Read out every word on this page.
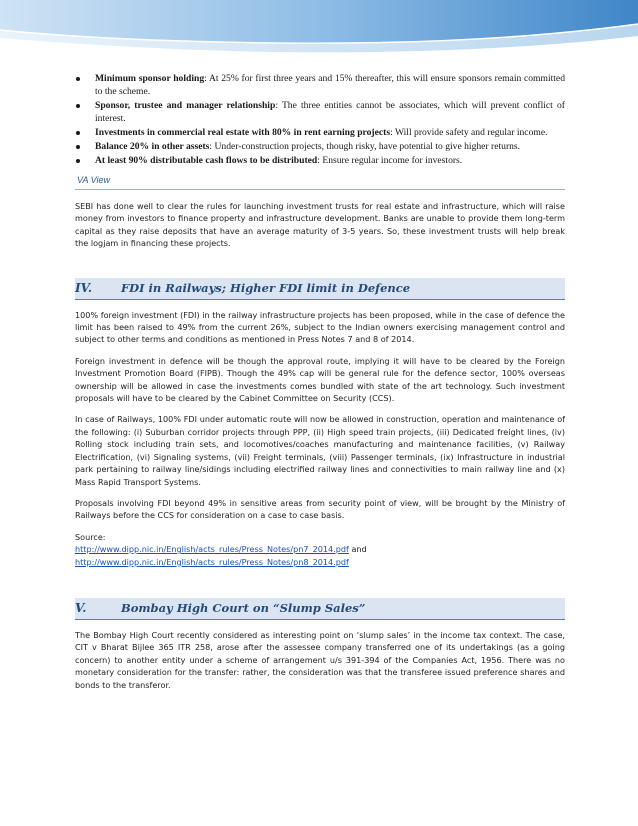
Minimum sponsor holding: At 25% for first three years and 15% thereafter, this will ensure sponsors remain committed to the scheme.
Sponsor, trustee and manager relationship: The three entities cannot be associates, which will prevent conflict of interest.
Investments in commercial real estate with 80% in rent earning projects: Will provide safety and regular income.
Balance 20% in other assets: Under-construction projects, though risky, have potential to give higher returns.
At least 90% distributable cash flows to be distributed: Ensure regular income for investors.
VA View

SEBI has done well to clear the rules for launching investment trusts for real estate and infrastructure, which will raise money from investors to finance property and infrastructure development. Banks are unable to provide them long-term capital as they raise deposits that have an average maturity of 3-5 years. So, these investment trusts will help break the logjam in financing these projects.

IV.	FDI in Railways; Higher FDI limit in Defence

100% foreign investment (FDI) in the railway infrastructure projects has been proposed, while in the case of defence the limit has been raised to 49% from the current 26%, subject to the Indian owners exercising management control and subject to other terms and conditions as mentioned in Press Notes 7 and 8 of 2014.

Foreign investment in defence will be though the approval route, implying it will have to be cleared by the Foreign Investment Promotion Board (FIPB). Though the 49% cap will be general rule for the defence sector, 100% overseas ownership will be allowed in case the investments comes bundled with state of the art technology. Such investment proposals will have to be cleared by the Cabinet Committee on Security (CCS).

In case of Railways, 100% FDI under automatic route will now be allowed in construction, operation and maintenance of the following: (i) Suburban corridor projects through PPP, (ii) High speed train projects, (iii) Dedicated freight lines, (iv) Rolling stock including train sets, and locomotives/coaches manufacturing and maintenance facilities, (v) Railway Electrification, (vi) Signaling systems, (vii) Freight terminals, (viii) Passenger terminals, (ix) Infrastructure in industrial park pertaining to railway line/sidings including electrified railway lines and connectivities to main railway line and (x) Mass Rapid Transport Systems.

Proposals involving FDI beyond 49% in sensitive areas from security point of view, will be brought by the Ministry of Railways before the CCS for consideration on a case to case basis.

Source:

http://www.dipp.nic.in/English/acts_rules/Press_Notes/pn7_2014.pdf and
http://www.dipp.nic.in/English/acts_rules/Press_Notes/pn8_2014.pdf

V.	Bombay High Court on “Slump Sales”

The Bombay High Court recently considered as interesting point on ‘slump sales’ in the income tax context. The case, CIT v Bharat Bijlee 365 ITR 258, arose after the assessee company transferred one of its undertakings (as a going concern) to another entity under a scheme of arrangement u/s 391-394 of the Companies Act, 1956. There was no monetary consideration for the transfer: rather, the consideration was that the transferee issued preference shares and bonds to the transferor.
